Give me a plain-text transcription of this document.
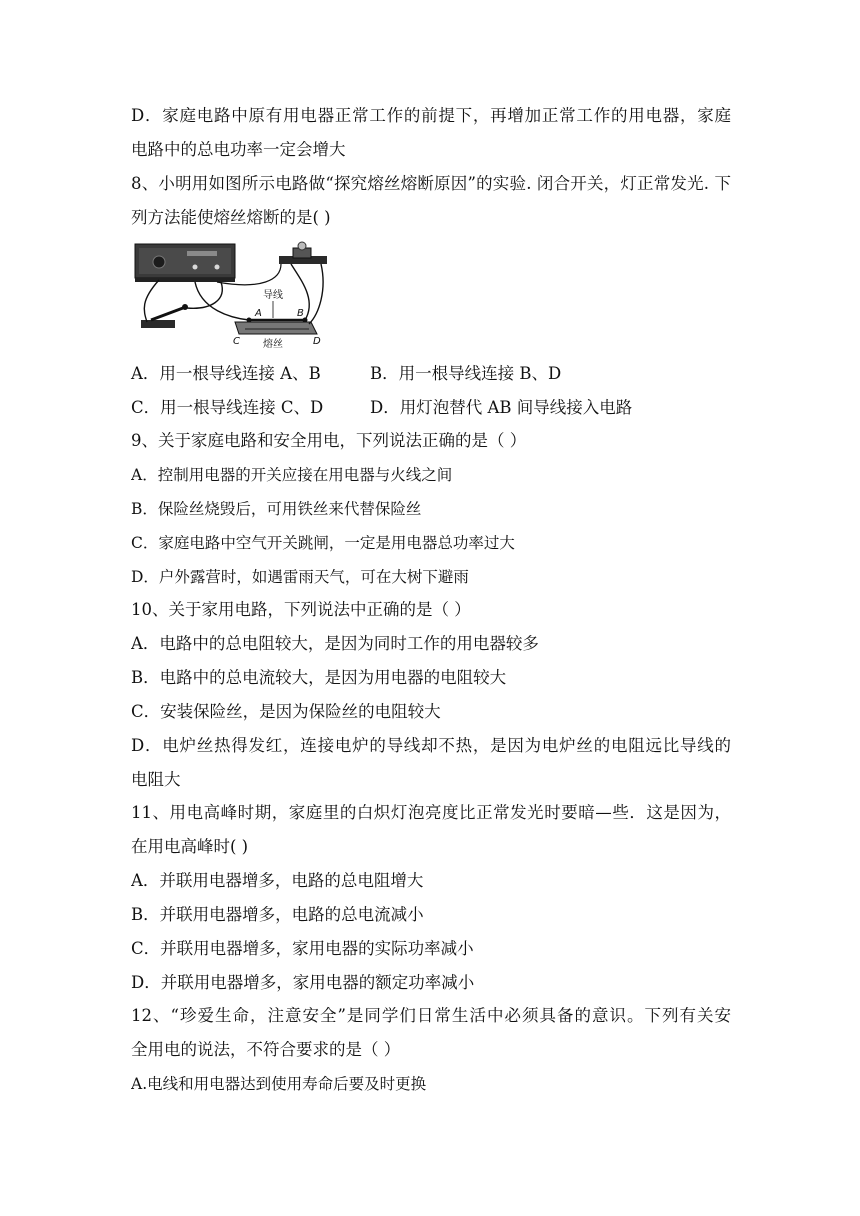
D．家庭电路中原有用电器正常工作的前提下，再增加正常工作的用电器，家庭
电路中的总电功率一定会增大
8、小明用如图所示电路做“探究熔丝熔断原因”的实验. 闭合开关，灯正常发光. 下
列方法能使熔丝熔断的是( )
导线
A	B
C	D
熔丝
A．用一根导线连接 A、B	B．用一根导线连接 B、D
C．用一根导线连接 C、D	D．用灯泡替代 AB 间导线接入电路
9、关于家庭电路和安全用电，下列说法正确的是（ ）
A．控制用电器的开关应接在用电器与火线之间
B．保险丝烧毁后，可用铁丝来代替保险丝
C．家庭电路中空气开关跳闸，一定是用电器总功率过大
D．户外露营时，如遇雷雨天气，可在大树下避雨
10、关于家用电路，下列说法中正确的是（ ）
A．电路中的总电阻较大，是因为同时工作的用电器较多
B．电路中的总电流较大，是因为用电器的电阻较大
C．安装保险丝，是因为保险丝的电阻较大
D．电炉丝热得发红，连接电炉的导线却不热，是因为电炉丝的电阻远比导线的
电阻大
11、用电高峰时期，家庭里的白炽灯泡亮度比正常发光时要暗—些．这是因为，
在用电高峰时( )
A．并联用电器增多，电路的总电阻增大
B．并联用电器增多，电路的总电流减小
C．并联用电器增多，家用电器的实际功率减小
D．并联用电器增多，家用电器的额定功率减小
12、“珍爱生命，注意安全”是同学们日常生活中必须具备的意识。下列有关安
全用电的说法，不符合要求的是（ ）
A.电线和用电器达到使用寿命后要及时更换
